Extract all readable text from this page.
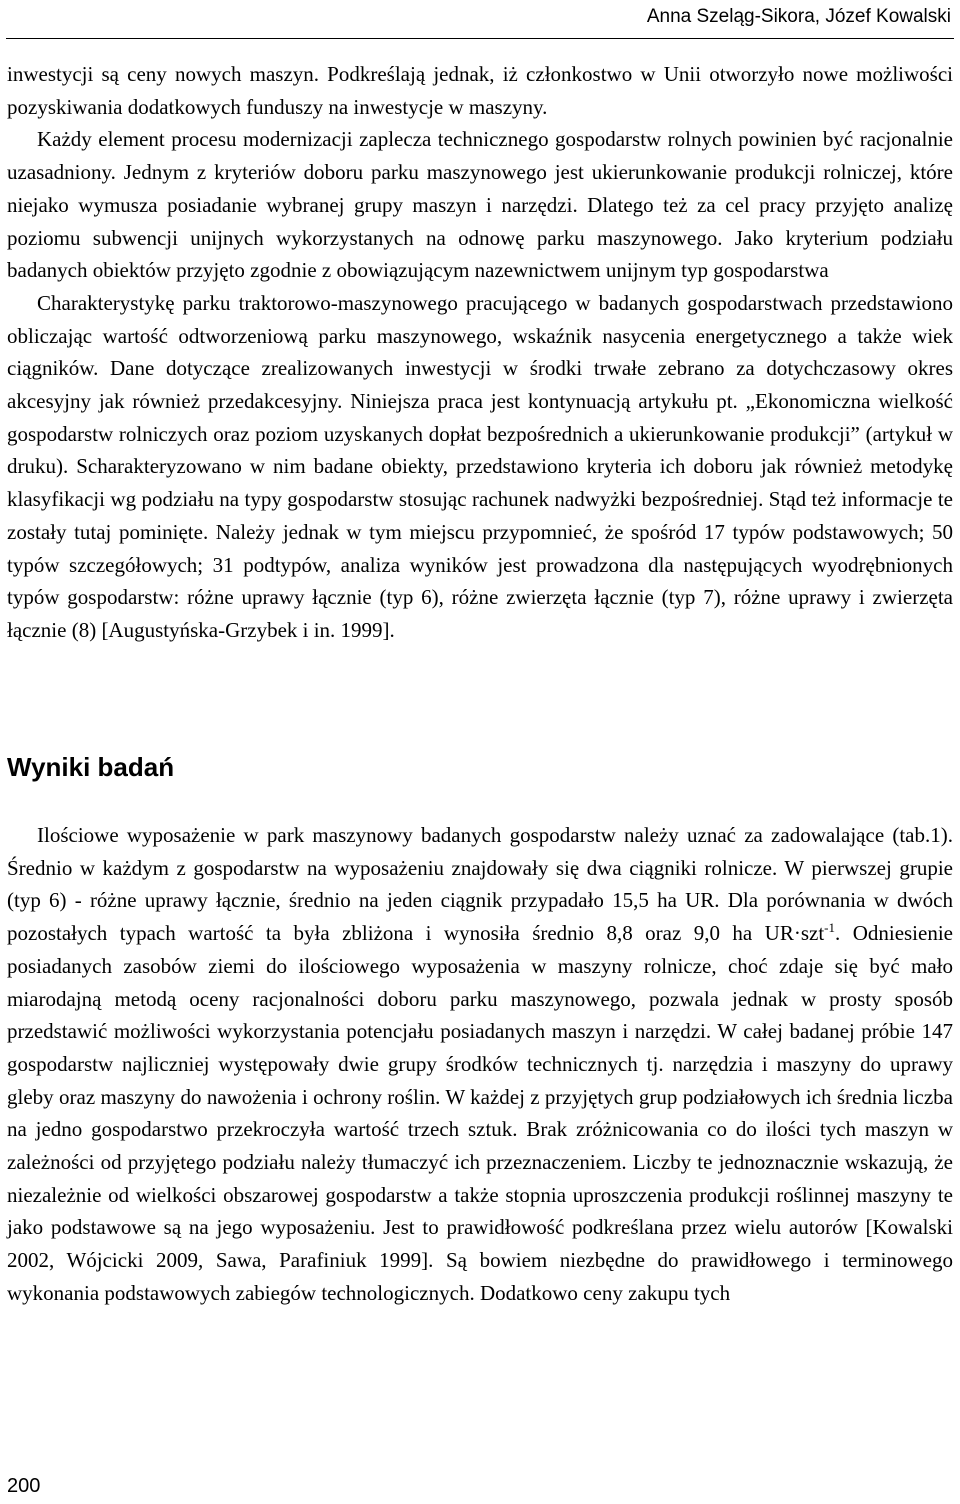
Anna Szeląg-Sikora, Józef Kowalski

inwestycji są ceny nowych maszyn. Podkreślają jednak, iż członkostwo w Unii otworzyło nowe możliwości pozyskiwania dodatkowych funduszy na inwestycje w maszyny.
Każdy element procesu modernizacji zaplecza technicznego gospodarstw rolnych powinien być racjonalnie uzasadniony. Jednym z kryteriów doboru parku maszynowego jest ukierunkowanie produkcji rolniczej, które niejako wymusza posiadanie wybranej grupy maszyn i narzędzi. Dlatego też za cel pracy przyjęto analizę poziomu subwencji unijnych wykorzystanych na odnowę parku maszynowego. Jako kryterium podziału badanych obiektów przyjęto zgodnie z obowiązującym nazewnictwem unijnym typ gospodarstwa
Charakterystykę parku traktorowo-maszynowego pracującego w badanych gospodarstwach przedstawiono obliczając wartość odtworzeniową parku maszynowego, wskaźnik nasycenia energetycznego a także wiek ciągników. Dane dotyczące zrealizowanych inwestycji w środki trwałe zebrano za dotychczasowy okres akcesyjny jak również przedakcesyjny. Niniejsza praca jest kontynuacją artykułu pt. „Ekonomiczna wielkość gospodarstw rolniczych oraz poziom uzyskanych dopłat bezpośrednich a ukierunkowanie produkcji” (artykuł w druku). Scharakteryzowano w nim badane obiekty, przedstawiono kryteria ich doboru jak również metodykę klasyfikacji wg podziału na typy gospodarstw stosując rachunek nadwyżki bezpośredniej. Stąd też informacje te zostały tutaj pominięte. Należy jednak w tym miejscu przypomnieć, że spośród 17 typów podstawowych; 50 typów szczegółowych; 31 podtypów, analiza wyników jest prowadzona dla następujących wyodrębnionych typów gospodarstw: różne uprawy łącznie (typ 6), różne zwierzęta łącznie (typ 7), różne uprawy i zwierzęta łącznie (8) [Augustyńska-Grzybek i in. 1999].

Wyniki badań

Ilościowe wyposażenie w park maszynowy badanych gospodarstw należy uznać za zadowalające (tab.1). Średnio w każdym z gospodarstw na wyposażeniu znajdowały się dwa ciągniki rolnicze. W pierwszej grupie (typ 6) - różne uprawy łącznie, średnio na jeden ciągnik przypadało 15,5 ha UR. Dla porównania w dwóch pozostałych typach wartość ta była zbliżona i wynosiła średnio 8,8 oraz 9,0 ha UR·szt$^{-1}$. Odniesienie posiadanych zasobów ziemi do ilościowego wyposażenia w maszyny rolnicze, choć zdaje się być mało miarodajną metodą oceny racjonalności doboru parku maszynowego, pozwala jednak w prosty sposób przedstawić możliwości wykorzystania potencjału posiadanych maszyn i narzędzi. W całej badanej próbie 147 gospodarstw najliczniej występowały dwie grupy środków technicznych tj. narzędzia i maszyny do uprawy gleby oraz maszyny do nawożenia i ochrony roślin. W każdej z przyjętych grup podziałowych ich średnia liczba na jedno gospodarstwo przekroczyła wartość trzech sztuk. Brak zróżnicowania co do ilości tych maszyn w zależności od przyjętego podziału należy tłumaczyć ich przeznaczeniem. Liczby te jednoznacznie wskazują, że niezależnie od wielkości obszarowej gospodarstw a także stopnia uproszczenia produkcji roślinnej maszyny te jako podstawowe są na jego wyposażeniu. Jest to prawidłowość podkreślana przez wielu autorów [Kowalski 2002, Wójcicki 2009, Sawa, Parafiniuk 1999]. Są bowiem niezbędne do prawidłowego i terminowego wykonania podstawowych zabiegów technologicznych. Dodatkowo ceny zakupu tych

200
